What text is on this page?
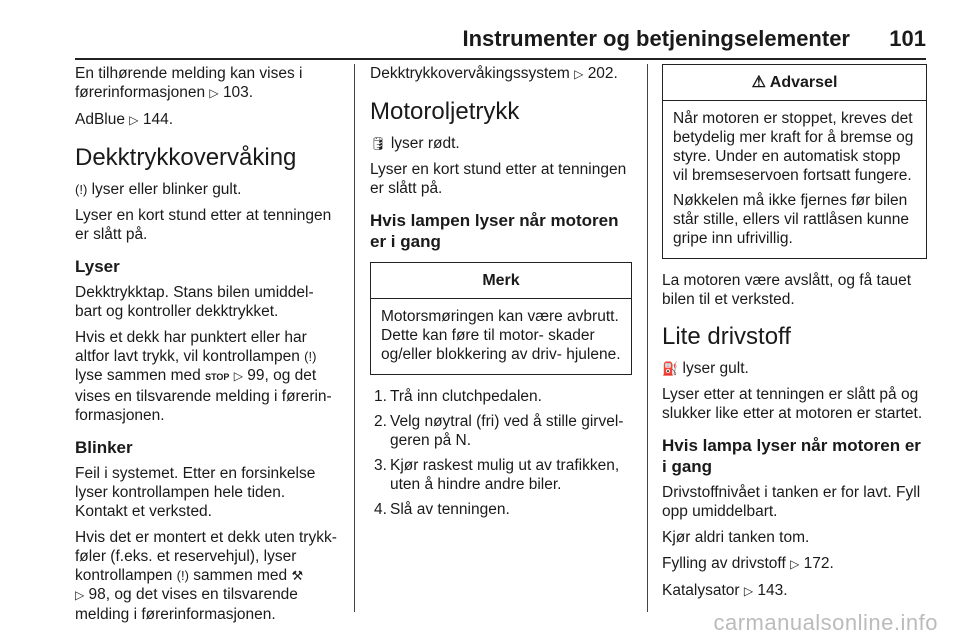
Instrumenter og betjeningselementer 101

En tilhørende melding kan vises i førerinformasjonen ▷ 103.

AdBlue ▷ 144.

Dekktrykkovervåking

(!) lyser eller blinker gult.

Lyser en kort stund etter at tenningen er slått på.

Lyser

Dekktrykktap. Stans bilen umiddel- bart og kontroller dekktrykket.

Hvis et dekk har punktert eller har altfor lavt trykk, vil kontrollampen (!) lyse sammen med STOP ▷ 99, og det vises en tilsvarende melding i førerin- formasjonen.

Blinker

Feil i systemet. Etter en forsinkelse lyser kontrollampen hele tiden. Kontakt et verksted.

Hvis det er montert et dekk uten trykk- føler (f.eks. et reservehjul), lyser kontrollampen (!) sammen med ⚒
▷ 98, og det vises en tilsvarende melding i førerinformasjonen.

Dekktrykkovervåkingssystem ▷ 202.

Motoroljetrykk

🛢 lyser rødt.

Lyser en kort stund etter at tenningen er slått på.

Hvis lampen lyser når motoren er i gang
Merk

Motorsmøringen kan være avbrutt. Dette kan føre til motor- skader og/eller blokkering av driv- hjulene.

1. Trå inn clutchpedalen.
2. Velg nøytral (fri) ved å stille girvel- geren på N.
3. Kjør raskest mulig ut av trafikken, uten å hindre andre biler.
4. Slå av tenningen.
⚠ Advarsel

Når motoren er stoppet, kreves det betydelig mer kraft for å bremse og styre. Under en automatisk stopp vil bremseservoen fortsatt fungere.

Nøkkelen må ikke fjernes før bilen står stille, ellers vil rattlåsen kunne gripe inn ufrivillig.

La motoren være avslått, og få tauet bilen til et verksted.

Lite drivstoff

⛽ lyser gult.

Lyser etter at tenningen er slått på og slukker like etter at motoren er startet.

Hvis lampa lyser når motoren er i gang

Drivstoffnivået i tanken er for lavt. Fyll opp umiddelbart.

Kjør aldri tanken tom.

Fylling av drivstoff ▷ 172.

Katalysator ▷ 143.

carmanualsonline.info
